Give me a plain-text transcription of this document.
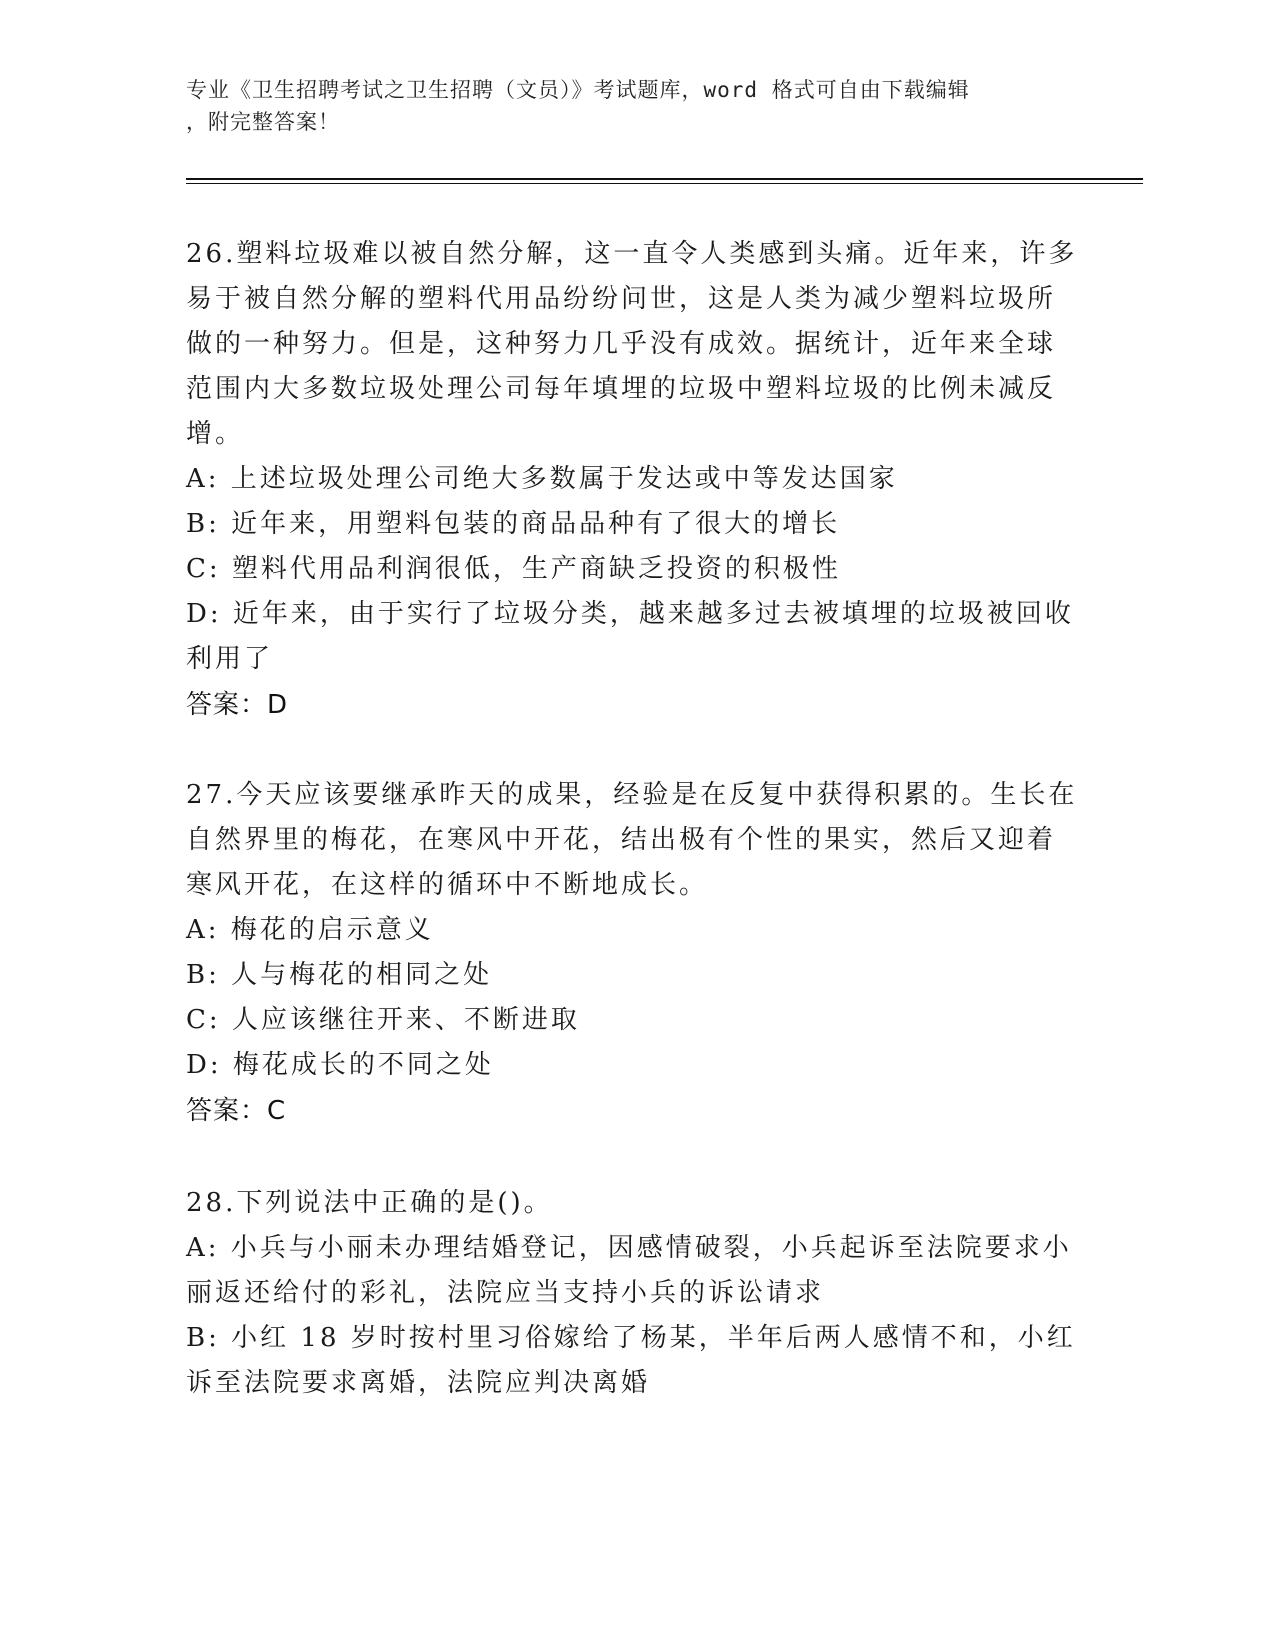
专业《卫生招聘考试之卫生招聘（文员）》考试题库，word 格式可自由下载编辑
，附完整答案！
26.塑料垃圾难以被自然分解，这一直令人类感到头痛。近年来，许多
易于被自然分解的塑料代用品纷纷问世，这是人类为减少塑料垃圾所
做的一种努力。但是，这种努力几乎没有成效。据统计，近年来全球
范围内大多数垃圾处理公司每年填埋的垃圾中塑料垃圾的比例未减反
增。
A: 上述垃圾处理公司绝大多数属于发达或中等发达国家
B: 近年来，用塑料包装的商品品种有了很大的增长
C: 塑料代用品利润很低，生产商缺乏投资的积极性
D: 近年来，由于实行了垃圾分类，越来越多过去被填埋的垃圾被回收
利用了
答案：D
27.今天应该要继承昨天的成果，经验是在反复中获得积累的。生长在
自然界里的梅花，在寒风中开花，结出极有个性的果实，然后又迎着
寒风开花，在这样的循环中不断地成长。
A: 梅花的启示意义
B: 人与梅花的相同之处
C: 人应该继往开来、不断进取
D: 梅花成长的不同之处
答案：C
28.下列说法中正确的是()。
A: 小兵与小丽未办理结婚登记，因感情破裂，小兵起诉至法院要求小
丽返还给付的彩礼，法院应当支持小兵的诉讼请求
B: 小红 18 岁时按村里习俗嫁给了杨某，半年后两人感情不和，小红
诉至法院要求离婚，法院应判决离婚
